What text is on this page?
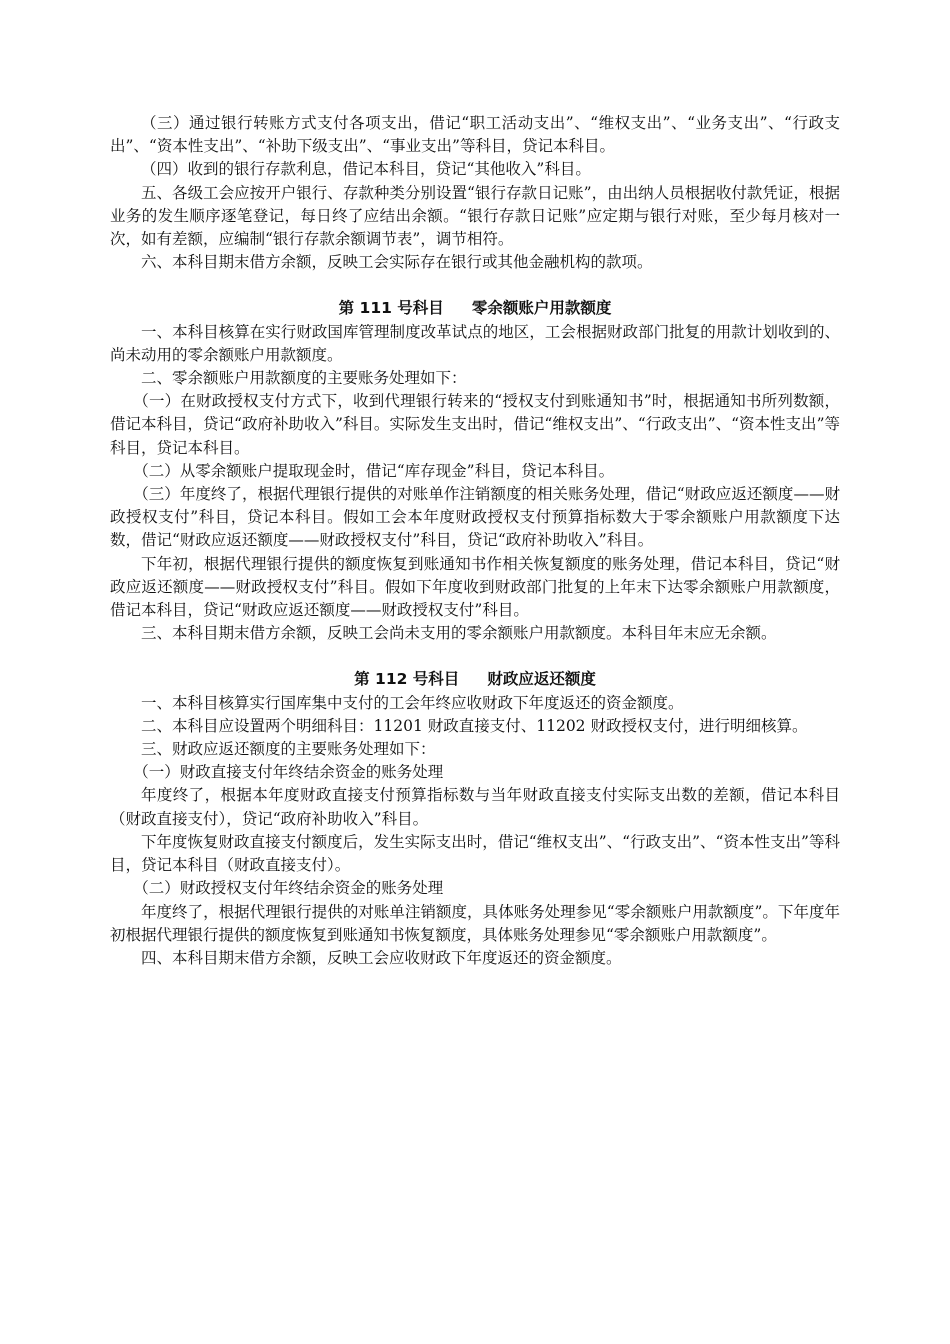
（三）通过银行转账方式支付各项支出，借记“职工活动支出”、“维权支出”、“业务支出”、“行政支出”、“资本性支出”、“补助下级支出”、“事业支出”等科目，贷记本科目。

（四）收到的银行存款利息，借记本科目，贷记“其他收入”科目。

五、各级工会应按开户银行、存款种类分别设置“银行存款日记账”，由出纳人员根据收付款凭证，根据业务的发生顺序逐笔登记，每日终了应结出余额。“银行存款日记账”应定期与银行对账，至少每月核对一次，如有差额，应编制“银行存款余额调节表”，调节相符。

六、本科目期末借方余额，反映工会实际存在银行或其他金融机构的款项。

第 111 号科目 零余额账户用款额度

一、本科目核算在实行财政国库管理制度改革试点的地区，工会根据财政部门批复的用款计划收到的、尚未动用的零余额账户用款额度。

二、零余额账户用款额度的主要账务处理如下：

（一）在财政授权支付方式下，收到代理银行转来的“授权支付到账通知书”时，根据通知书所列数额，借记本科目，贷记“政府补助收入”科目。实际发生支出时，借记“维权支出”、“行政支出”、“资本性支出”等科目，贷记本科目。

（二）从零余额账户提取现金时，借记“库存现金”科目，贷记本科目。

（三）年度终了，根据代理银行提供的对账单作注销额度的相关账务处理，借记“财政应返还额度——财政授权支付”科目，贷记本科目。假如工会本年度财政授权支付预算指标数大于零余额账户用款额度下达数，借记“财政应返还额度——财政授权支付”科目，贷记“政府补助收入”科目。

下年初，根据代理银行提供的额度恢复到账通知书作相关恢复额度的账务处理，借记本科目，贷记“财政应返还额度——财政授权支付”科目。假如下年度收到财政部门批复的上年末下达零余额账户用款额度，借记本科目，贷记“财政应返还额度——财政授权支付”科目。

三、本科目期末借方余额，反映工会尚未支用的零余额账户用款额度。本科目年末应无余额。

第 112 号科目 财政应返还额度

一、本科目核算实行国库集中支付的工会年终应收财政下年度返还的资金额度。

二、本科目应设置两个明细科目：11201 财政直接支付、11202 财政授权支付，进行明细核算。

三、财政应返还额度的主要账务处理如下：

（一）财政直接支付年终结余资金的账务处理

年度终了，根据本年度财政直接支付预算指标数与当年财政直接支付实际支出数的差额，借记本科目（财政直接支付），贷记“政府补助收入”科目。

下年度恢复财政直接支付额度后，发生实际支出时，借记“维权支出”、“行政支出”、“资本性支出”等科目，贷记本科目（财政直接支付）。

（二）财政授权支付年终结余资金的账务处理

年度终了，根据代理银行提供的对账单注销额度，具体账务处理参见“零余额账户用款额度”。下年度年初根据代理银行提供的额度恢复到账通知书恢复额度，具体账务处理参见“零余额账户用款额度”。

四、本科目期末借方余额，反映工会应收财政下年度返还的资金额度。
